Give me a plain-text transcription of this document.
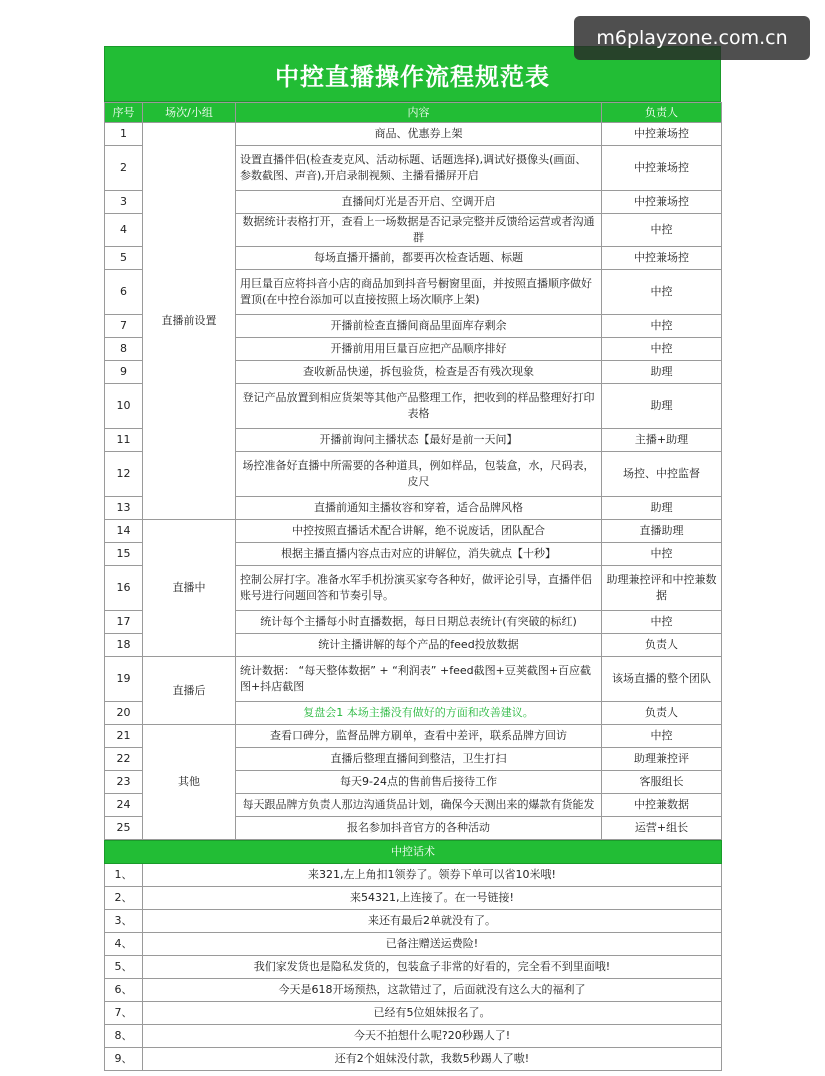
中控直播操作流程规范表
序号	场次/小组	内容	负责人
1	直播前设置	商品、优惠券上架	中控兼场控
2		设置直播伴侣(检查麦克风、活动标题、话题选择),调试好摄像头(画面、参数截图、声音),开启录制视频、主播看播屏开启	中控兼场控
3		直播间灯光是否开启、空调开启	中控兼场控
4		数据统计表格打开，查看上一场数据是否记录完整并反馈给运营或者沟通群	中控
5		每场直播开播前，都要再次检查话题、标题	中控兼场控
6		用巨量百应将抖音小店的商品加到抖音号橱窗里面，并按照直播顺序做好置顶(在中控台添加可以直接按照上场次顺序上架)	中控
7		开播前检查直播间商品里面库存剩余	中控
8		开播前用用巨量百应把产品顺序排好	中控
9		查收新品快递，拆包验货，检查是否有残次现象	助理
10		登记产品放置到相应货架等其他产品整理工作，把收到的样品整理好打印表格	助理
11		开播前询问主播状态【最好是前一天问】	主播+助理
12		场控准备好直播中所需要的各种道具，例如样品，包装盒，水，尺码表，皮尺	场控、中控监督
13		直播前通知主播妆容和穿着，适合品牌风格	助理
14	直播中	中控按照直播话术配合讲解，绝不说废话，团队配合	直播助理
15		根据主播直播内容点击对应的讲解位，消失就点【十秒】	中控
16		控制公屏打字。准备水军手机扮演买家夸各种好，做评论引导，直播伴侣账号进行问题回答和节奏引导。	助理兼控评和中控兼数据
17		统计每个主播每小时直播数据，每日日期总表统计(有突破的标红)	中控
18		统计主播讲解的每个产品的feed投放数据	负责人
19	直播后	统计数据： “每天整体数据” + “利润表” +feed截图+豆荚截图+百应截图+抖店截图	该场直播的整个团队
20		复盘会1 本场主播没有做好的方面和改善建议。	负责人
21	其他	查看口碑分，监督品牌方刷单，查看中差评，联系品牌方回访	中控
22		直播后整理直播间到整洁，卫生打扫	助理兼控评
23		每天9-24点的售前售后接待工作	客服组长
24		每天跟品牌方负责人那边沟通货品计划，确保今天测出来的爆款有货能发	中控兼数据
25		报名参加抖音官方的各种活动	运营+组长
中控话术	
1、	来321,左上角扣1领券了。领券下单可以省10米哦!
2、	来54321,上连接了。在一号链接!
3、	来还有最后2单就没有了。
4、	已备注赠送运费险!
5、	我们家发货也是隐私发货的，包装盒子非常的好看的，完全看不到里面哦!
6、	今天是618开场预热，这款错过了，后面就没有这么大的福利了
7、	已经有5位姐妹报名了。
8、	今天不拍想什么呢?20秒踢人了!
9、	还有2个姐妹没付款，我数5秒踢人了嗷!
m6playzone.com.cn
